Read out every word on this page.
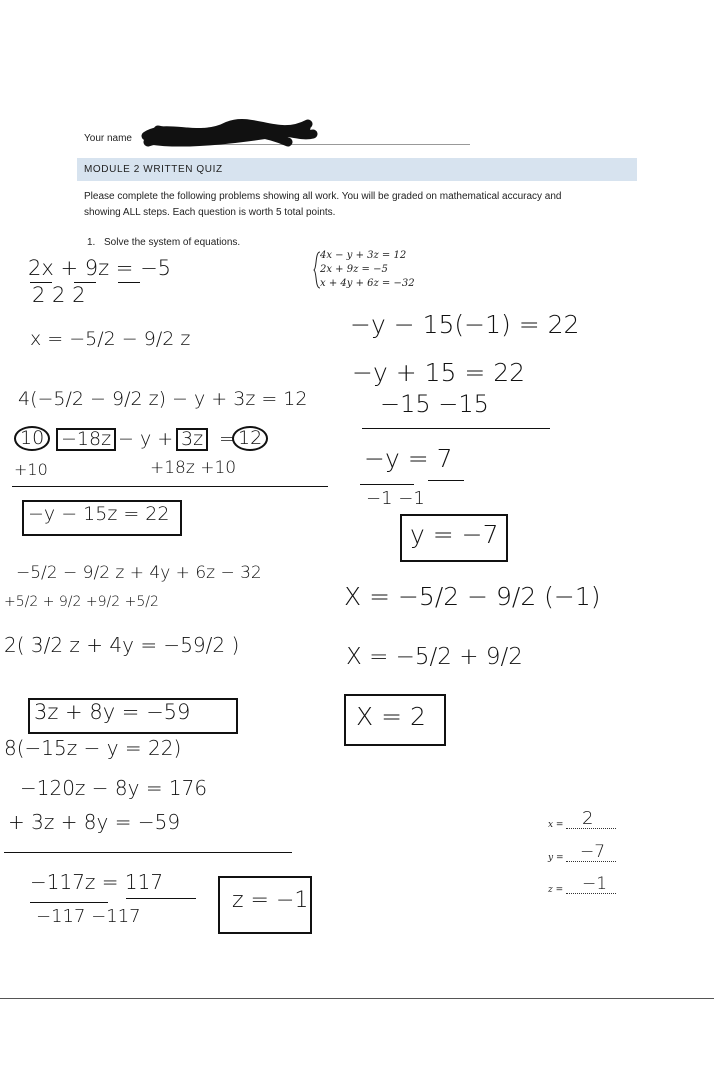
Your name
MODULE 2 WRITTEN QUIZ
Please complete the following problems showing all work. You will be graded on mathematical accuracy and
showing ALL steps. Each question is worth 5 total points.
1. Solve the system of equations.
4x − y + 3z = 12
2x + 9z = −5
x + 4y + 6z = −32
2x + 9z = −5
2 2 2
x = −5/2 − 9/2 z
4(−5/2 − 9/2 z) − y + 3z = 12
10 −18z − y + 3z = 12
+10	+18z +10
−y − 15z = 22
−5/2 − 9/2 z + 4y + 6z − 32
+5/2 + 9/2 +9/2 +5/2
2( 3/2 z + 4y = −59/2 )
3z + 8y = −59
8(−15z − y = 22)
−120z − 8y = 176
+ 3z + 8y = −59
−117z = 117
−117 −117
z = −1
−y − 15(−1) = 22
−y + 15 = 22
−15 −15
−y = 7
−1 −1
y = −7
X = −5/2 − 9/2 (−1)
X = −5/2 + 9/2
X = 2
x = 2
y = −7
z = −1
